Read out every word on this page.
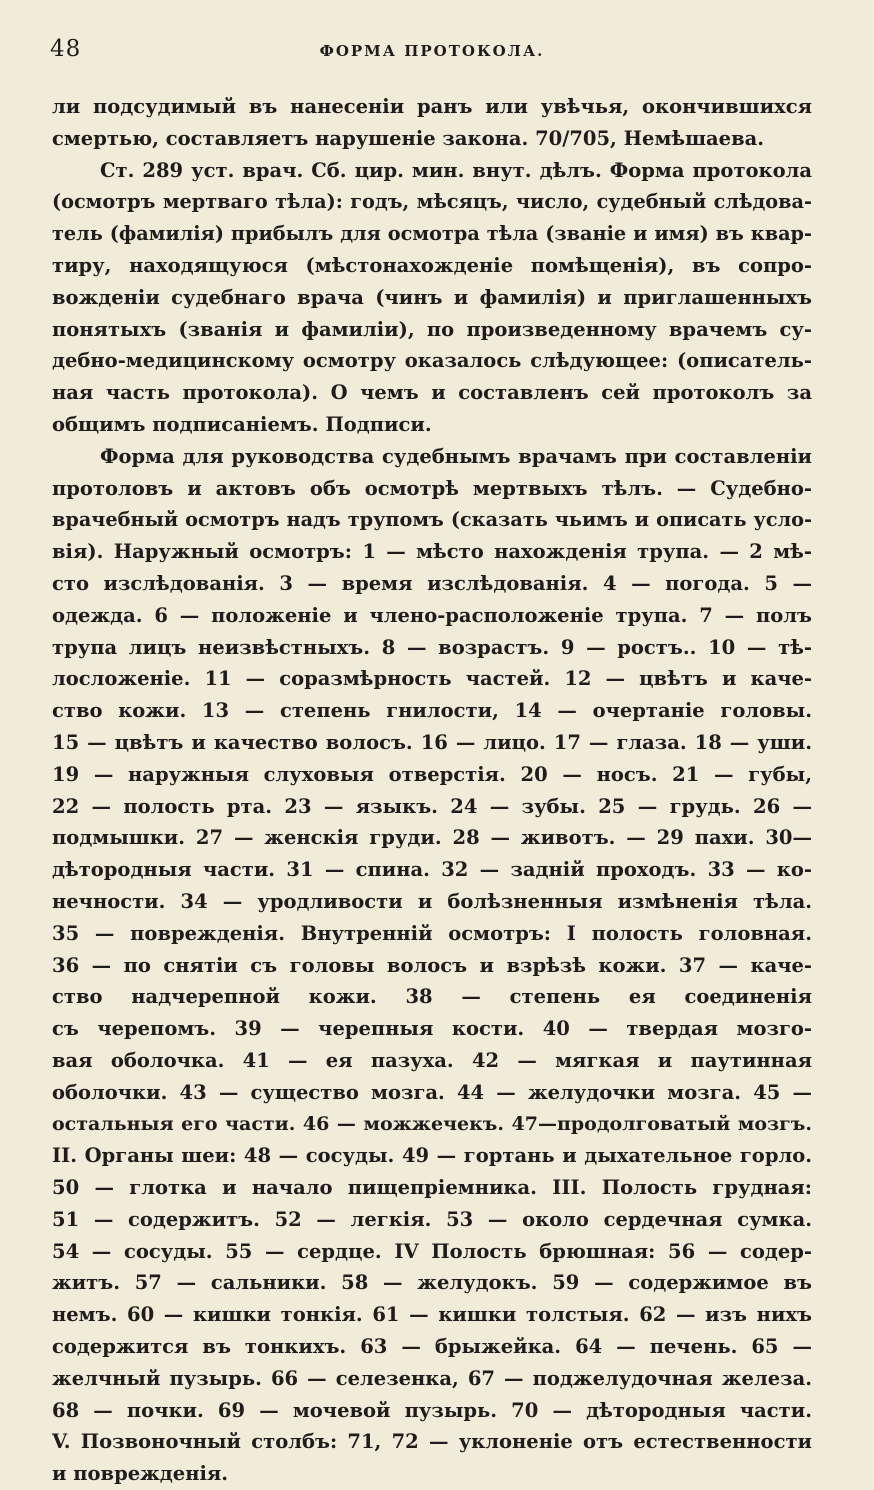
48	ФОРМА ПРОТОКОЛА.
ли подсудимый въ нанесеніи ранъ или увѣчья, окончившихся
смертью, составляетъ нарушеніе закона. 70/705, Немѣшаева.
Ст. 289 уст. врач. Сб. цир. мин. внут. дѣлъ. Форма протокола
(осмотръ мертваго тѣла): годъ, мѣсяцъ, число, судебный слѣдова-
тель (фамилія) прибылъ для осмотра тѣла (званіе и имя) въ квар-
тиру, находящуюся (мѣстонахожденіе помѣщенія), въ сопро-
вожденіи судебнаго врача (чинъ и фамилія) и приглашенныхъ
понятыхъ (званія и фамиліи), по произведенному врачемъ су-
дебно-медицинскому осмотру оказалось слѣдующее: (описатель-
ная часть протокола). О чемъ и составленъ сей протоколъ за
общимъ подписаніемъ. Подписи.
Форма для руководства судебнымъ врачамъ при составленіи
протоловъ и актовъ объ осмотрѣ мертвыхъ тѣлъ. — Судебно-
врачебный осмотръ надъ трупомъ (сказать чьимъ и описать усло-
вія). Наружный осмотръ: 1 — мѣсто нахожденія трупа. — 2 мѣ-
сто изслѣдованія. 3 — время изслѣдованія. 4 — погода. 5 —
одежда. 6 — положеніе и члено-расположеніе трупа. 7 — полъ
трупа лицъ неизвѣстныхъ. 8 — возрастъ. 9 — ростъ.. 10 — тѣ-
лосложеніе. 11 — соразмѣрность частей. 12 — цвѣтъ и каче-
ство кожи. 13 — степень гнилости, 14 — очертаніе головы.
15 — цвѣтъ и качество волосъ. 16 — лицо. 17 — глаза. 18 — уши.
19 — наружныя слуховыя отверстія. 20 — носъ. 21 — губы,
22 — полость рта. 23 — языкъ. 24 — зубы. 25 — грудь. 26 —
подмышки. 27 — женскія груди. 28 — животъ. — 29 пахи. 30—
дѣтородныя части. 31 — спина. 32 — задній проходъ. 33 — ко-
нечности. 34 — уродливости и болѣзненныя измѣненія тѣла.
35 — поврежденія. Внутренній осмотръ: I полость головная.
36 — по снятіи съ головы волосъ и взрѣзѣ кожи. 37 — каче-
ство надчерепной кожи. 38 — степень ея соединенія
съ черепомъ. 39 — черепныя кости. 40 — твердая мозго-
вая оболочка. 41 — ея пазуха. 42 — мягкая и паутинная
оболочки. 43 — существо мозга. 44 — желудочки мозга. 45 —
остальныя его части. 46 — можжечекъ. 47—продолговатый мозгъ.
II. Органы шеи: 48 — сосуды. 49 — гортань и дыхательное горло.
50 — глотка и начало пищепріемника. III. Полость грудная:
51 — содержитъ. 52 — легкія. 53 — около сердечная сумка.
54 — сосуды. 55 — сердце. IV Полость брюшная: 56 — содер-
житъ. 57 — сальники. 58 — желудокъ. 59 — содержимое въ
немъ. 60 — кишки тонкія. 61 — кишки толстыя. 62 — изъ нихъ
содержится въ тонкихъ. 63 — брыжейка. 64 — печень. 65 —
желчный пузырь. 66 — селезенка, 67 — поджелудочная железа.
68 — почки. 69 — мочевой пузырь. 70 — дѣтородныя части.
V. Позвоночный столбъ: 71, 72 — уклоненіе отъ естественности
и поврежденія.
